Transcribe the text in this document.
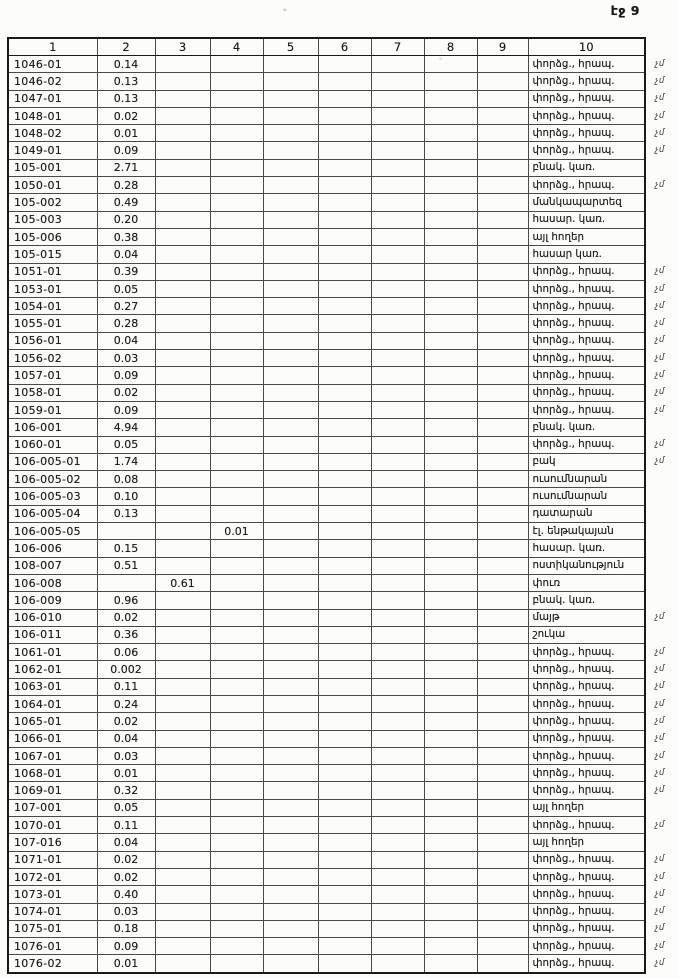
էջ 9
1	2	3	4	5	6	7	8	9	10	
1046-01	0.14								փորձց., հրապ.	չմ
1046-02	0.13								փորձց., հրապ.	չմ
1047-01	0.13								փորձց., հրապ.	չմ
1048-01	0.02								փորձց., հրապ.	չմ
1048-02	0.01								փորձց., հրապ.	չմ
1049-01	0.09								փորձց., հրապ.	չմ
105-001	2.71								բնակ. կառ.	
1050-01	0.28								փորձց., հրապ.	չմ
105-002	0.49								մանկապարտեզ	
105-003	0.20								հասար. կառ.	
105-006	0.38								այլ հողեր	
105-015	0.04								հասար կառ.	
1051-01	0.39								փորձց., հրապ.	չմ
1053-01	0.05								փորձց., հրապ.	չմ
1054-01	0.27								փորձց., հրապ.	չմ
1055-01	0.28								փորձց., հրապ.	չմ
1056-01	0.04								փորձց., հրապ.	չմ
1056-02	0.03								փորձց., հրապ.	չմ
1057-01	0.09								փորձց., հրապ.	չմ
1058-01	0.02								փորձց., հրապ.	չմ
1059-01	0.09								փորձց., հրապ.	չմ
106-001	4.94								բնակ. կառ.	
1060-01	0.05								փորձց., հրապ.	չմ
106-005-01	1.74								բակ	չմ
106-005-02	0.08								ուսումնարան	
106-005-03	0.10								ուսումնարան	
106-005-04	0.13								դատարան	
106-005-05			0.01						էլ. ենթակայան	
106-006	0.15								հասար. կառ.	
108-007	0.51								ոստիկանություն	
106-008		0.61							փուռ	
106-009	0.96								բնակ. կառ.	
106-010	0.02								մայթ	չմ
106-011	0.36								շուկա	
1061-01	0.06								փորձց., հրապ.	չմ
1062-01	0.002								փորձց., հրապ.	չմ
1063-01	0.11								փորձց., հրապ.	չմ
1064-01	0.24								փորձց., հրապ.	չմ
1065-01	0.02								փորձց., հրապ.	չմ
1066-01	0.04								փորձց., հրապ.	չմ
1067-01	0.03								փորձց., հրապ.	չմ
1068-01	0.01								փորձց., հրապ.	չմ
1069-01	0.32								փորձց., հրապ.	չմ
107-001	0.05								այլ հողեր	
1070-01	0.11								փորձց., հրապ.	չմ
107-016	0.04								այլ հողեր	
1071-01	0.02								փորձց., հրապ.	չմ
1072-01	0.02								փորձց., հրապ.	չմ
1073-01	0.40								փորձց., հրապ.	չմ
1074-01	0.03								փորձց., հրապ.	չմ
1075-01	0.18								փորձց., հրապ.	չմ
1076-01	0.09								փորձց., հրապ.	չմ
1076-02	0.01								փորձց., հրապ.	չմ
